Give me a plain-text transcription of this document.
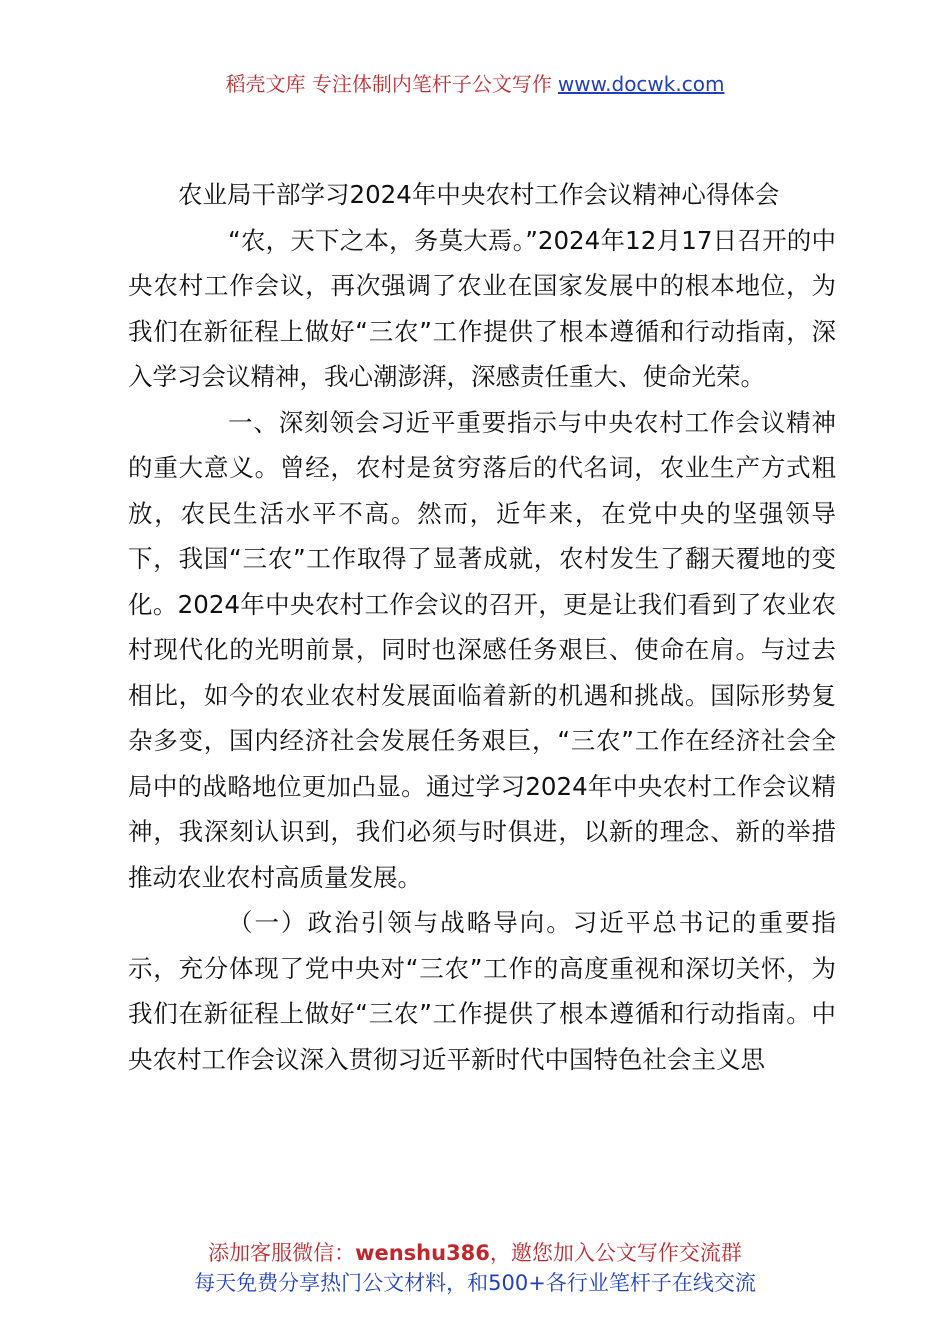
稻壳文库 专注体制内笔杆子公文写作 www.docwk.com
农业局干部学习2024年中央农村工作会议精神心得体会

“农，天下之本，务莫大焉。”2024年12月17日召开的中央农村工作会议，再次强调了农业在国家发展中的根本地位，为我们在新征程上做好“三农”工作提供了根本遵循和行动指南，深入学习会议精神，我心潮澎湃，深感责任重大、使命光荣。

一、深刻领会习近平重要指示与中央农村工作会议精神的重大意义。曾经，农村是贫穷落后的代名词，农业生产方式粗放，农民生活水平不高。然而，近年来，在党中央的坚强领导下，我国“三农”工作取得了显著成就，农村发生了翻天覆地的变化。2024年中央农村工作会议的召开，更是让我们看到了农业农村现代化的光明前景，同时也深感任务艰巨、使命在肩。与过去相比，如今的农业农村发展面临着新的机遇和挑战。国际形势复杂多变，国内经济社会发展任务艰巨，“三农”工作在经济社会全局中的战略地位更加凸显。通过学习2024年中央农村工作会议精神，我深刻认识到，我们必须与时俱进，以新的理念、新的举措推动农业农村高质量发展。

（一）政治引领与战略导向。习近平总书记的重要指示，充分体现了党中央对“三农”工作的高度重视和深切关怀，为我们在新征程上做好“三农”工作提供了根本遵循和行动指南。中央农村工作会议深入贯彻习近平新时代中国特色社会主义思

添加客服微信：wenshu386，邀您加入公文写作交流群
每天免费分享热门公文材料，和500+各行业笔杆子在线交流
